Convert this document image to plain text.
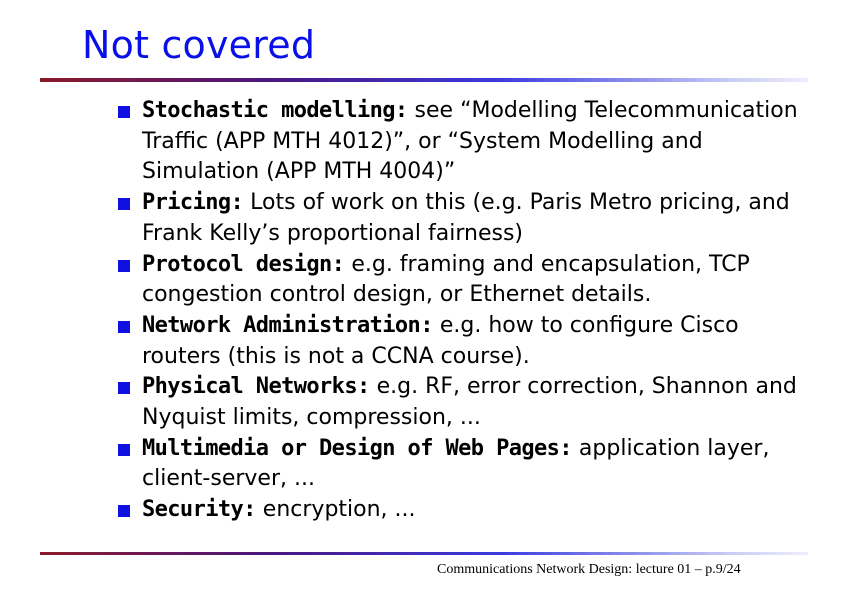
Not covered
Stochastic modelling: see “Modelling Telecommunication Traffic (APP MTH 4012)”, or “System Modelling and Simulation (APP MTH 4004)”
Pricing: Lots of work on this (e.g. Paris Metro pricing, and Frank Kelly’s proportional fairness)
Protocol design: e.g. framing and encapsulation, TCP congestion control design, or Ethernet details.
Network Administration: e.g. how to configure Cisco routers (this is not a CCNA course).
Physical Networks: e.g. RF, error correction, Shannon and Nyquist limits, compression, ...
Multimedia or Design of Web Pages: application layer, client-server, ...
Security: encryption, ...
Communications Network Design: lecture 01 – p.9/24
